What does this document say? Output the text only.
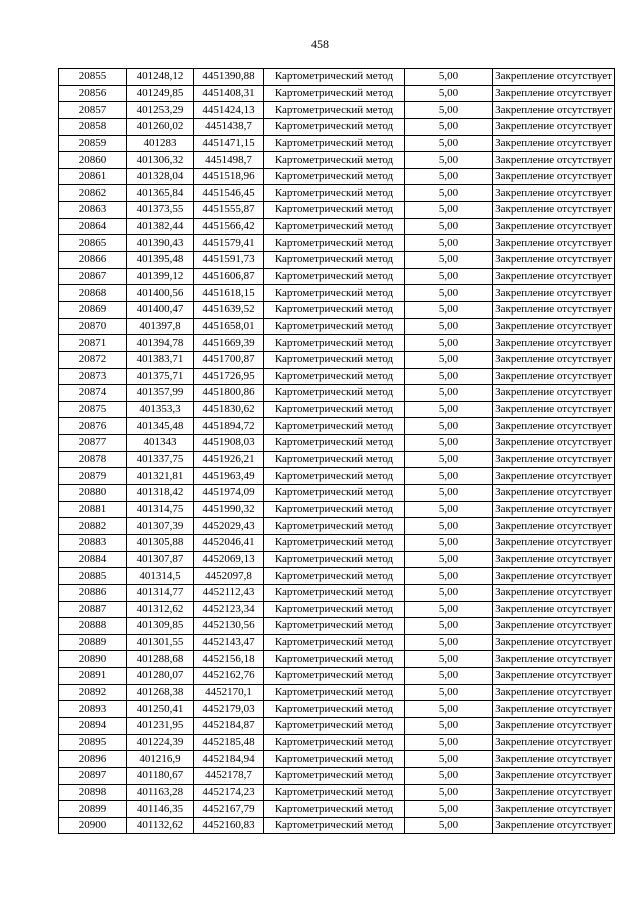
458
20855	401248,12	4451390,88	Картометрический метод	5,00	Закрепление отсутствует
20856	401249,85	4451408,31	Картометрический метод	5,00	Закрепление отсутствует
20857	401253,29	4451424,13	Картометрический метод	5,00	Закрепление отсутствует
20858	401260,02	4451438,7	Картометрический метод	5,00	Закрепление отсутствует
20859	401283	4451471,15	Картометрический метод	5,00	Закрепление отсутствует
20860	401306,32	4451498,7	Картометрический метод	5,00	Закрепление отсутствует
20861	401328,04	4451518,96	Картометрический метод	5,00	Закрепление отсутствует
20862	401365,84	4451546,45	Картометрический метод	5,00	Закрепление отсутствует
20863	401373,55	4451555,87	Картометрический метод	5,00	Закрепление отсутствует
20864	401382,44	4451566,42	Картометрический метод	5,00	Закрепление отсутствует
20865	401390,43	4451579,41	Картометрический метод	5,00	Закрепление отсутствует
20866	401395,48	4451591,73	Картометрический метод	5,00	Закрепление отсутствует
20867	401399,12	4451606,87	Картометрический метод	5,00	Закрепление отсутствует
20868	401400,56	4451618,15	Картометрический метод	5,00	Закрепление отсутствует
20869	401400,47	4451639,52	Картометрический метод	5,00	Закрепление отсутствует
20870	401397,8	4451658,01	Картометрический метод	5,00	Закрепление отсутствует
20871	401394,78	4451669,39	Картометрический метод	5,00	Закрепление отсутствует
20872	401383,71	4451700,87	Картометрический метод	5,00	Закрепление отсутствует
20873	401375,71	4451726,95	Картометрический метод	5,00	Закрепление отсутствует
20874	401357,99	4451800,86	Картометрический метод	5,00	Закрепление отсутствует
20875	401353,3	4451830,62	Картометрический метод	5,00	Закрепление отсутствует
20876	401345,48	4451894,72	Картометрический метод	5,00	Закрепление отсутствует
20877	401343	4451908,03	Картометрический метод	5,00	Закрепление отсутствует
20878	401337,75	4451926,21	Картометрический метод	5,00	Закрепление отсутствует
20879	401321,81	4451963,49	Картометрический метод	5,00	Закрепление отсутствует
20880	401318,42	4451974,09	Картометрический метод	5,00	Закрепление отсутствует
20881	401314,75	4451990,32	Картометрический метод	5,00	Закрепление отсутствует
20882	401307,39	4452029,43	Картометрический метод	5,00	Закрепление отсутствует
20883	401305,88	4452046,41	Картометрический метод	5,00	Закрепление отсутствует
20884	401307,87	4452069,13	Картометрический метод	5,00	Закрепление отсутствует
20885	401314,5	4452097,8	Картометрический метод	5,00	Закрепление отсутствует
20886	401314,77	4452112,43	Картометрический метод	5,00	Закрепление отсутствует
20887	401312,62	4452123,34	Картометрический метод	5,00	Закрепление отсутствует
20888	401309,85	4452130,56	Картометрический метод	5,00	Закрепление отсутствует
20889	401301,55	4452143,47	Картометрический метод	5,00	Закрепление отсутствует
20890	401288,68	4452156,18	Картометрический метод	5,00	Закрепление отсутствует
20891	401280,07	4452162,76	Картометрический метод	5,00	Закрепление отсутствует
20892	401268,38	4452170,1	Картометрический метод	5,00	Закрепление отсутствует
20893	401250,41	4452179,03	Картометрический метод	5,00	Закрепление отсутствует
20894	401231,95	4452184,87	Картометрический метод	5,00	Закрепление отсутствует
20895	401224,39	4452185,48	Картометрический метод	5,00	Закрепление отсутствует
20896	401216,9	4452184,94	Картометрический метод	5,00	Закрепление отсутствует
20897	401180,67	4452178,7	Картометрический метод	5,00	Закрепление отсутствует
20898	401163,28	4452174,23	Картометрический метод	5,00	Закрепление отсутствует
20899	401146,35	4452167,79	Картометрический метод	5,00	Закрепление отсутствует
20900	401132,62	4452160,83	Картометрический метод	5,00	Закрепление отсутствует
